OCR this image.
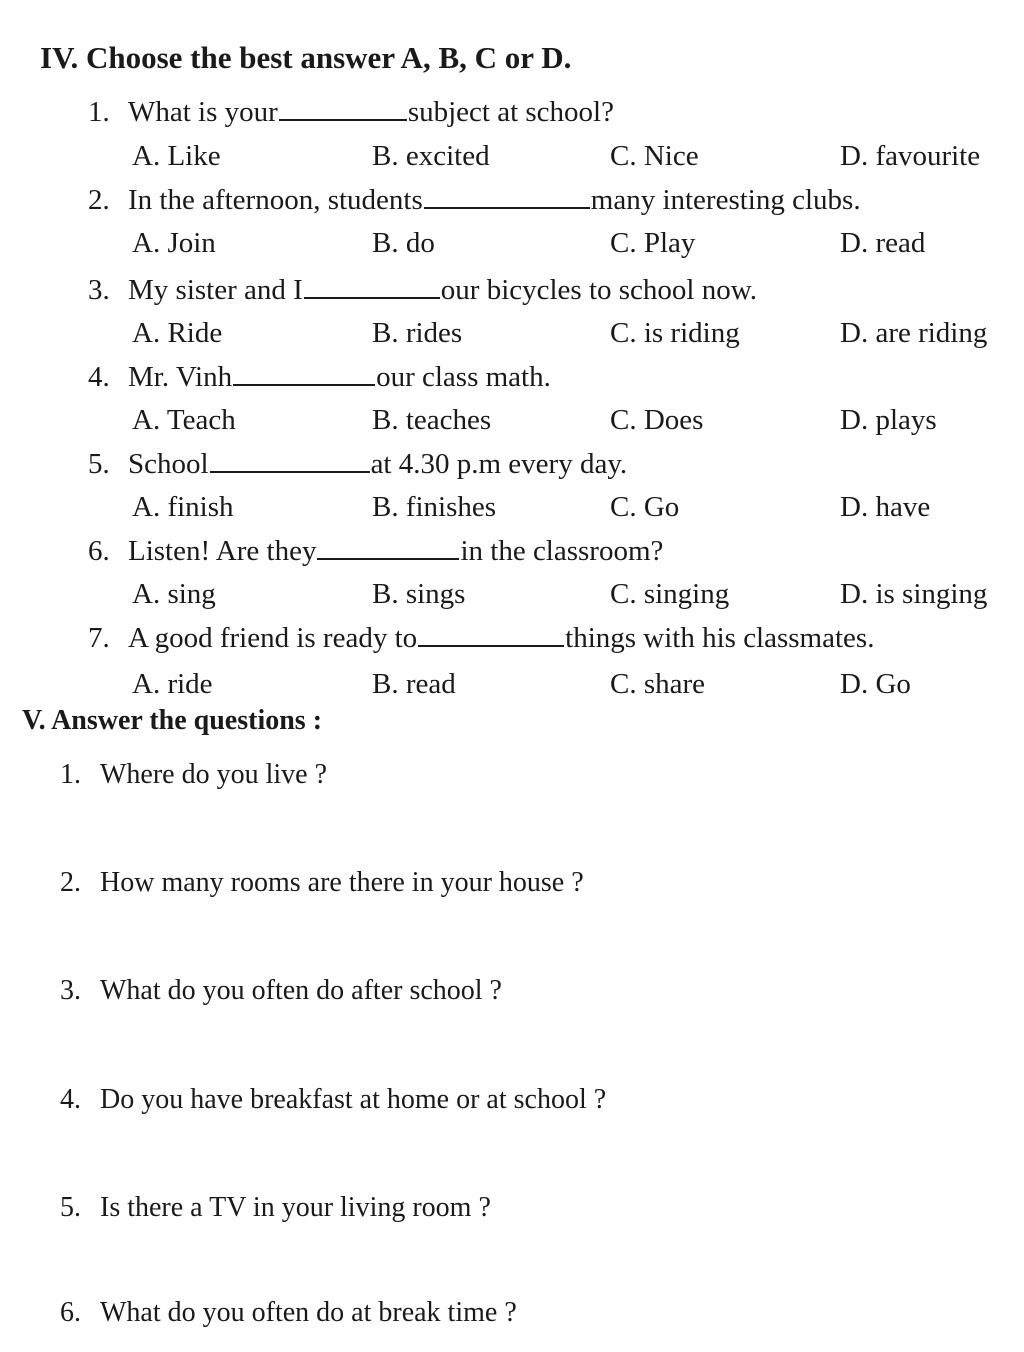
IV. Choose the best answer A, B, C or D.
1. What is your	subject at school?
A. Like	B. excited	C. Nice	D. favourite
2. In the afternoon, students	many interesting clubs.
A. Join	B. do	C. Play	D. read
3. My sister and I	our bicycles to school now.
A. Ride	B. rides	C. is riding	D. are riding
4. Mr. Vinh	our class math.
A. Teach	B. teaches	C. Does	D. plays
5. School	at 4.30 p.m every day.
A. finish	B. finishes	C. Go	D. have
6. Listen! Are they	in the classroom?
A. sing	B. sings	C. singing	D. is singing
7. A good friend is ready to	things with his classmates.
A. ride	B. read	C. share	D. Go
V. Answer the questions :
1. Where do you live ?
2. How many rooms are there in your house ?
3. What do you often do after school ?
4. Do you have breakfast at home or at school ?
5. Is there a TV in your living room ?
6. What do you often do at break time ?
